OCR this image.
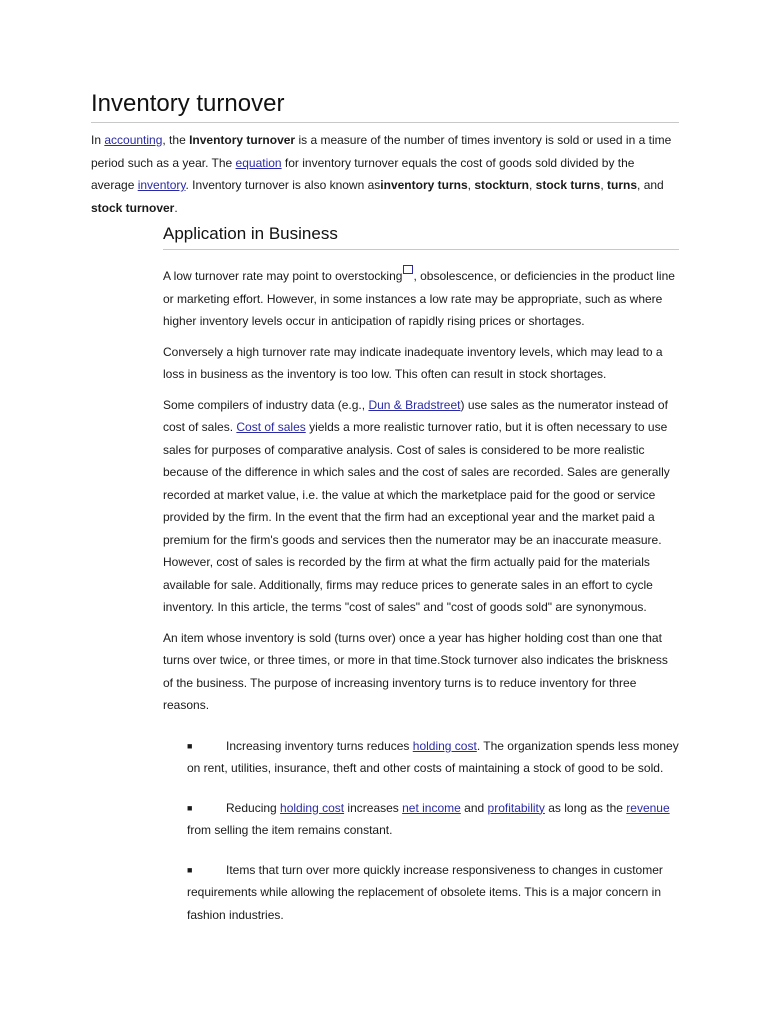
Inventory turnover

In accounting, the Inventory turnover is a measure of the number of times inventory is sold or used in a time period such as a year. The equation for inventory turnover equals the cost of goods sold divided by the average inventory. Inventory turnover is also known asinventory turns, stockturn, stock turns, turns, and stock turnover.

Application in Business

A low turnover rate may point to overstocking , obsolescence, or deficiencies in the product line or marketing effort. However, in some instances a low rate may be appropriate, such as where higher inventory levels occur in anticipation of rapidly rising prices or shortages.

Conversely a high turnover rate may indicate inadequate inventory levels, which may lead to a loss in business as the inventory is too low. This often can result in stock shortages.

Some compilers of industry data (e.g., Dun & Bradstreet) use sales as the numerator instead of cost of sales. Cost of sales yields a more realistic turnover ratio, but it is often necessary to use sales for purposes of comparative analysis. Cost of sales is considered to be more realistic because of the difference in which sales and the cost of sales are recorded. Sales are generally recorded at market value, i.e. the value at which the marketplace paid for the good or service provided by the firm. In the event that the firm had an exceptional year and the market paid a premium for the firm's goods and services then the numerator may be an inaccurate measure. However, cost of sales is recorded by the firm at what the firm actually paid for the materials available for sale. Additionally, firms may reduce prices to generate sales in an effort to cycle inventory. In this article, the terms "cost of sales" and "cost of goods sold" are synonymous.

An item whose inventory is sold (turns over) once a year has higher holding cost than one that turns over twice, or three times, or more in that time.Stock turnover also indicates the briskness of the business. The purpose of increasing inventory turns is to reduce inventory for three reasons.

■	Increasing inventory turns reduces holding cost. The organization spends less money on rent, utilities, insurance, theft and other costs of maintaining a stock of good to be sold.

■	Reducing holding cost increases net income and profitability as long as the revenue from selling the item remains constant.

■	Items that turn over more quickly increase responsiveness to changes in customer requirements while allowing the replacement of obsolete items. This is a major concern in fashion industries.
